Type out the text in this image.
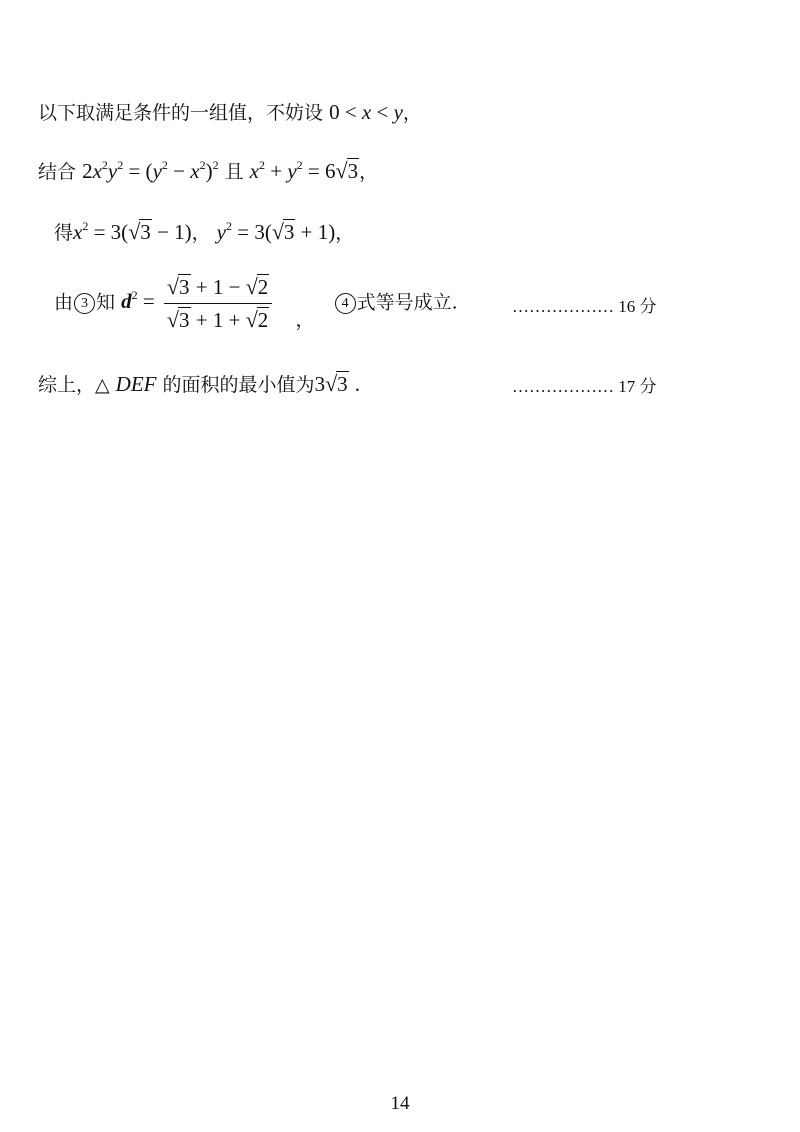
以下取满足条件的一组值，不妨设 0 < x < y，
结合 $2x^2y^2 = (y^2 - x^2)^2$ 且 $x^2 + y^2 = 6√3$，
得$x^2 = 3(√3 - 1)$， $y^2 = 3(√3 + 1)$，
由 3 知 $d^2 = \frac{√3 + 1 - √2}{√3 + 1 + √2}$ ， 4 式等号成立.	……………… 16 分
综上，△ DEF 的面积的最小值为3√3 .	……………… 17 分
14
